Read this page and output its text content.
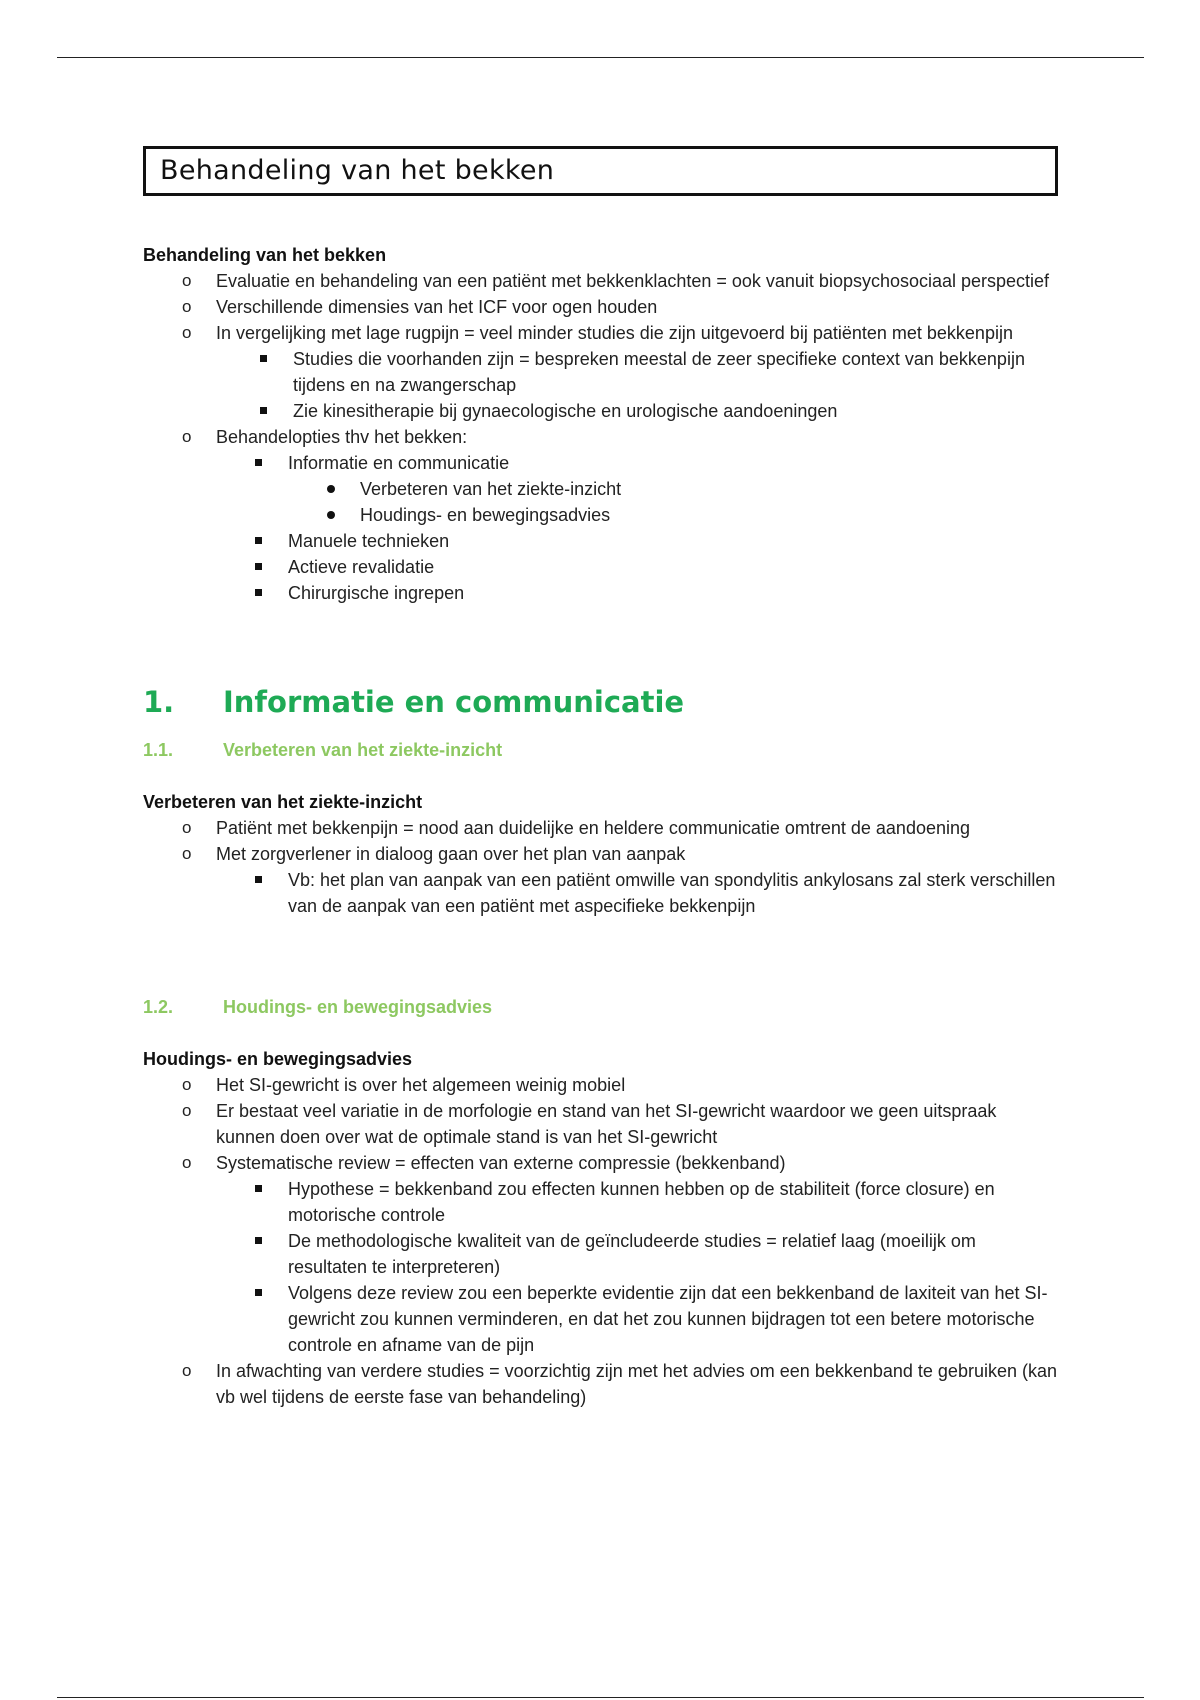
Behandeling van het bekken
Behandeling van het bekken
o Evaluatie en behandeling van een patiënt met bekkenklachten = ook vanuit biopsychosociaal perspectief
o Verschillende dimensies van het ICF voor ogen houden
o In vergelijking met lage rugpijn = veel minder studies die zijn uitgevoerd bij patiënten met bekkenpijn
Studies die voorhanden zijn = bespreken meestal de zeer specifieke context van bekkenpijn tijdens en na zwangerschap
Zie kinesitherapie bij gynaecologische en urologische aandoeningen
o Behandelopties thv het bekken:
Informatie en communicatie
Verbeteren van het ziekte-inzicht
Houdings- en bewegingsadvies
Manuele technieken
Actieve revalidatie
Chirurgische ingrepen
1.	Informatie en communicatie
1.1.	Verbeteren van het ziekte-inzicht
Verbeteren van het ziekte-inzicht
o Patiënt met bekkenpijn = nood aan duidelijke en heldere communicatie omtrent de aandoening
o Met zorgverlener in dialoog gaan over het plan van aanpak
Vb: het plan van aanpak van een patiënt omwille van spondylitis ankylosans zal sterk verschillen van de aanpak van een patiënt met aspecifieke bekkenpijn
1.2.	Houdings- en bewegingsadvies
Houdings- en bewegingsadvies
o Het SI-gewricht is over het algemeen weinig mobiel
o Er bestaat veel variatie in de morfologie en stand van het SI-gewricht waardoor we geen uitspraak kunnen doen over wat de optimale stand is van het SI-gewricht
o Systematische review = effecten van externe compressie (bekkenband)
Hypothese = bekkenband zou effecten kunnen hebben op de stabiliteit (force closure) en motorische controle
De methodologische kwaliteit van de geïncludeerde studies = relatief laag (moeilijk om resultaten te interpreteren)
Volgens deze review zou een beperkte evidentie zijn dat een bekkenband de laxiteit van het SI-gewricht zou kunnen verminderen, en dat het zou kunnen bijdragen tot een betere motorische controle en afname van de pijn
o In afwachting van verdere studies = voorzichtig zijn met het advies om een bekkenband te gebruiken (kan vb wel tijdens de eerste fase van behandeling)
